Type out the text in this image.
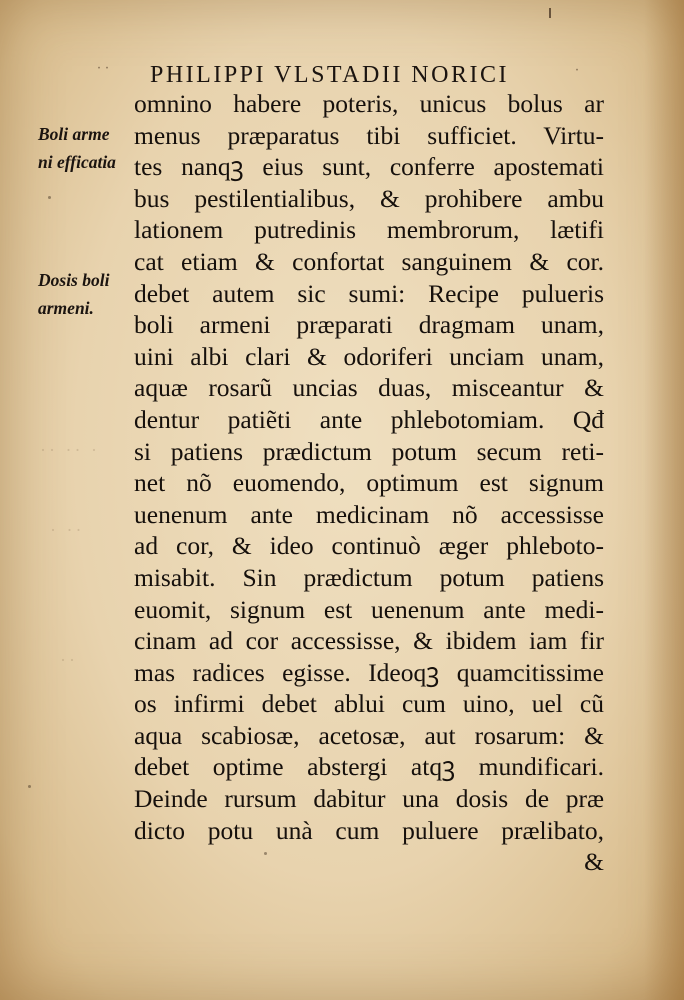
·· ·· ·
· ··
··
˙˙ PHILIPPI VLSTADII NORICI	˙
Boli arme
ni efficatia
Dosis boli
armeni.
omnino habere poteris, unicus bolus ar
menus præparatus tibi sufficiet. Virtu-
tes nanqꝫ eius sunt, conferre apostemati
bus pestilentialibus, & prohibere ambu
lationem putredinis membrorum, lætifi
cat etiam & confortat sanguinem & cor.
debet autem sic sumi: Recipe pulueris
boli armeni præparati dragmam unam,
uini albi clari & odoriferi unciam unam,
aquæ rosarũ uncias duas, misceantur &
dentur patiẽti ante phlebotomiam. Qđ
si patiens prædictum potum secum reti-
net nõ euomendo, optimum est signum
uenenum ante medicinam nõ accessisse
ad cor, & ideo continuò æger phleboto-
misabit. Sin prædictum potum patiens
euomit, signum est uenenum ante medi-
cinam ad cor accessisse, & ibidem iam fir
mas radices egisse. Ideoqꝫ quamcitissime
os infirmi debet ablui cum uino, uel cũ
aqua scabiosæ, acetosæ, aut rosarum: &
debet optime abstergi atqꝫ mundificari.
Deinde rursum dabitur una dosis de præ
dicto potu unà cum puluere prælibato,
&
